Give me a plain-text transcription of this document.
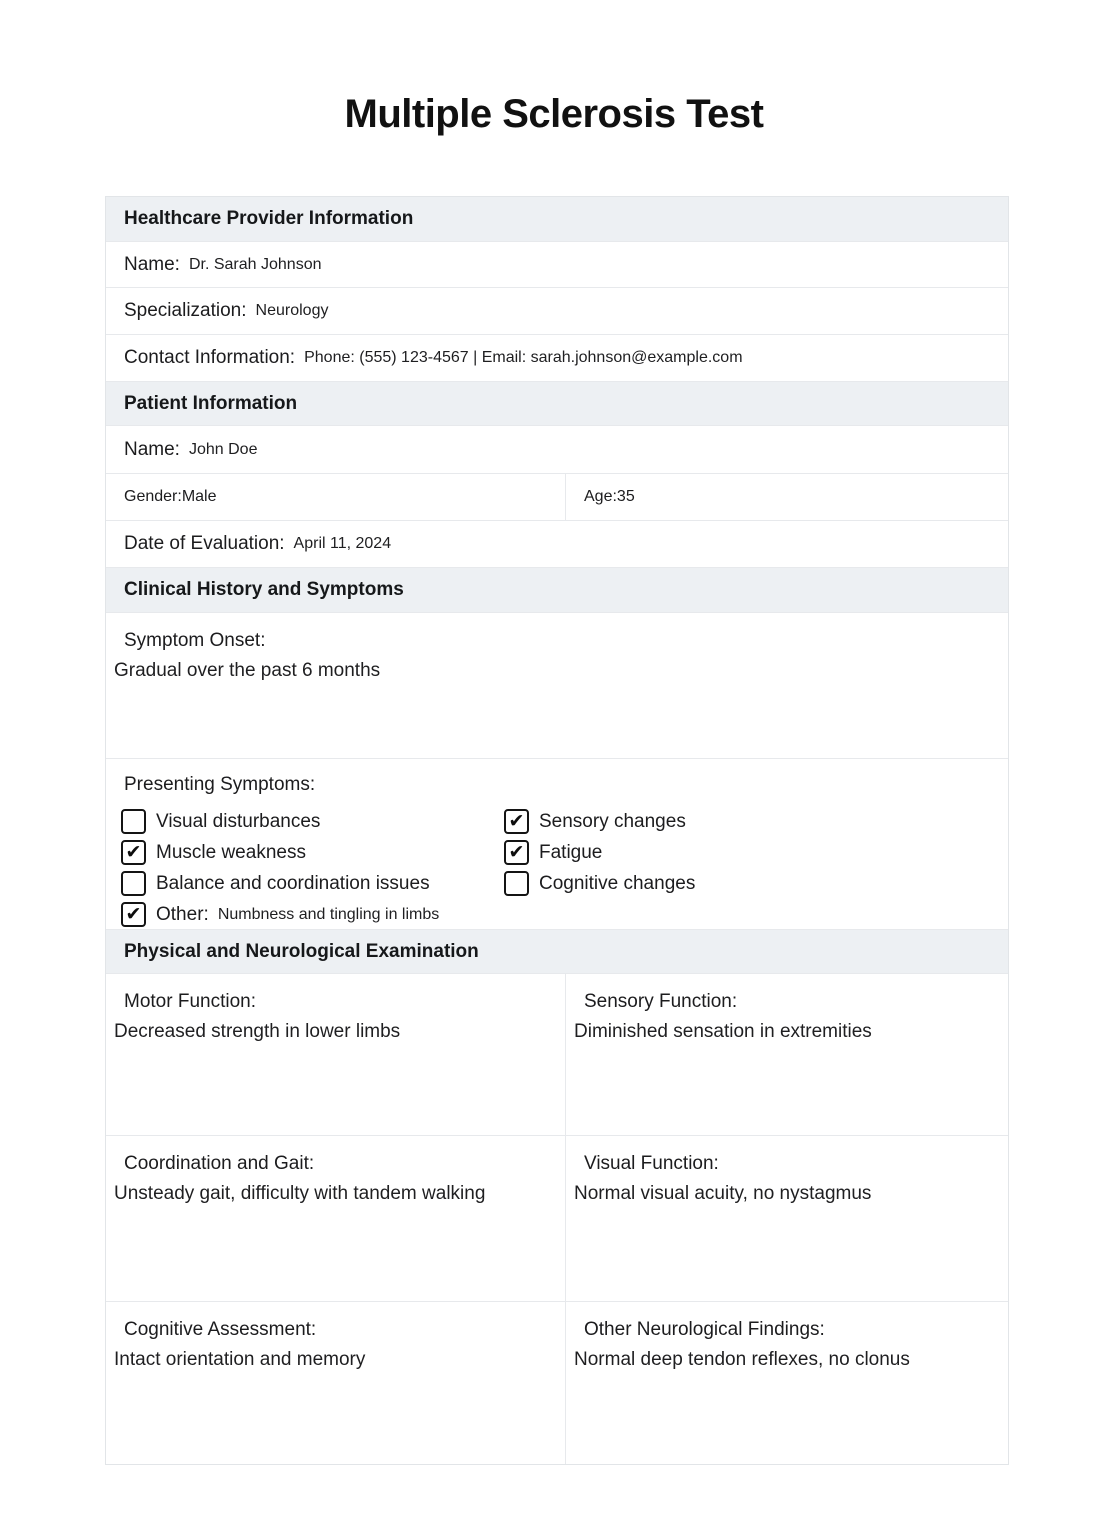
Multiple Sclerosis Test
Healthcare Provider Information
Name: Dr. Sarah Johnson
Specialization: Neurology
Contact Information: Phone: (555) 123-4567 | Email: sarah.johnson@example.com
Patient Information
Name: John Doe
Gender: Male	Age: 35
Date of Evaluation: April 11, 2024
Clinical History and Symptoms
Symptom Onset:
Gradual over the past 6 months
Presenting Symptoms:
Visual disturbances
✔ Muscle weakness
Balance and coordination issues
✔ Other: Numbness and tingling in limbs
✔ Sensory changes
✔ Fatigue
Cognitive changes
Physical and Neurological Examination
Motor Function:
Decreased strength in lower limbs
Sensory Function:
Diminished sensation in extremities
Coordination and Gait:
Unsteady gait, difficulty with tandem walking
Visual Function:
Normal visual acuity, no nystagmus
Cognitive Assessment:
Intact orientation and memory
Other Neurological Findings:
Normal deep tendon reflexes, no clonus
